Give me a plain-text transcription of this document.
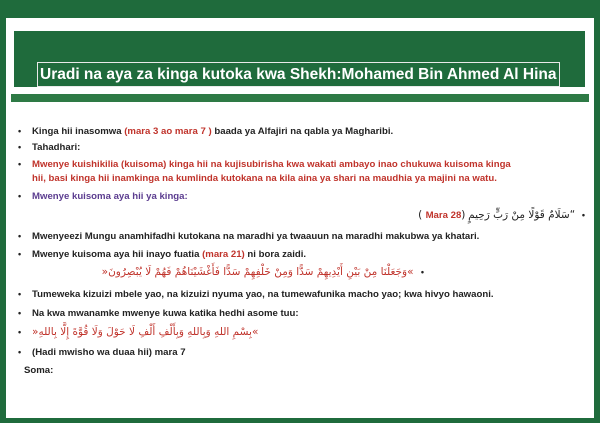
Uradi na aya za kinga kutoka kwa Shekh:Mohamed Bin Ahmed Al Hina
• Kinga hii inasomwa (mara 3 ao mara 7 ) baada ya Alfajiri na qabla ya Magharibi.
• Tahadhari:
• Mwenye kuishikilia (kuisoma) kinga hii na kujisubirisha kwa wakati ambayo inao chukuwa kuisoma kinga
hii, basi kinga hii inamkinga na kumlinda kutokana na kila aina ya shari na maudhia ya majini na watu.
• Mwenye kuisoma aya hii ya kinga:
( Mara 28) سَلَامٌ قَوْلًا مِنْ رَبٍّ رَحِيمٍ“ •
• Mwenyeezi Mungu anamhifadhi kutokana na maradhi ya twaauun na maradhi makubwa ya khatari.
• Mwenye kuisoma aya hii inayo fuatia (mara 21) ni bora zaidi.
»وَجَعَلْنَا مِنْ بَيْنِ أَيْدِيهِمْ سَدًّا وَمِنْ خَلْفِهِمْ سَدًّا فَأَغْشَيْنَاهُمْ فَهُمْ لَا يُبْصِرُونَ« •
• Tumeweka kizuizi mbele yao, na kizuizi nyuma yao, na tumewafunika macho yao; kwa hivyo hawaoni.
• Na kwa mwanamke mwenye kuwa katika hedhi asome tuu:
• »بِسْمِ اللهِ وَبِاللهِ وَبِأَلْفِ أَلْفِ لَا حَوْلَ وَلَا قُوَّةَ إِلَّا بِاللهِ«
• (Hadi mwisho wa duaa hii) mara 7
Soma:
